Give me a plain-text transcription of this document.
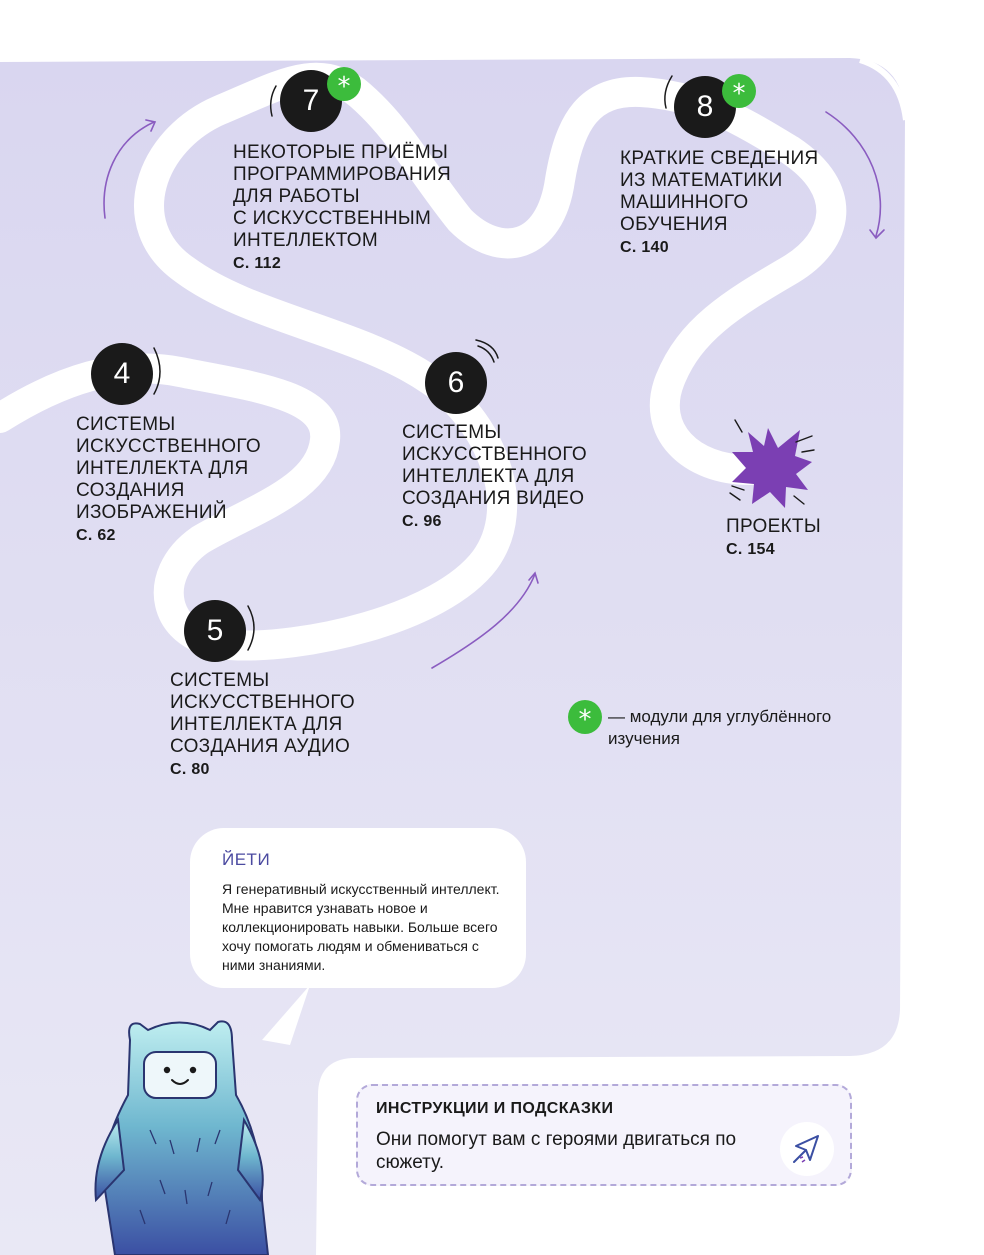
4
5
6
7	8
*	*
СИСТЕМЫ
ИСКУССТВЕННОГО
ИНТЕЛЛЕКТА ДЛЯ
СОЗДАНИЯ
ИЗОБРАЖЕНИЙ
С. 62
СИСТЕМЫ
ИСКУССТВЕННОГО
ИНТЕЛЛЕКТА ДЛЯ
СОЗДАНИЯ АУДИО
С. 80
СИСТЕМЫ
ИСКУССТВЕННОГО
ИНТЕЛЛЕКТА ДЛЯ
СОЗДАНИЯ ВИДЕО
С. 96
НЕКОТОРЫЕ ПРИЁМЫ
ПРОГРАММИРОВАНИЯ
ДЛЯ РАБОТЫ
С ИСКУССТВЕННЫМ
ИНТЕЛЛЕКТОМ
С. 112
КРАТКИЕ СВЕДЕНИЯ
ИЗ МАТЕМАТИКИ
МАШИННОГО
ОБУЧЕНИЯ
С. 140
ПРОЕКТЫ
С. 154
* — модули для углублённого изучения
ЙЕТИ
Я генеративный искусственный интеллект. Мне нравится узнавать новое и коллекционировать навыки. Больше всего хочу помогать людям и обмениваться с ними знаниями.
ИНСТРУКЦИИ И ПОДСКАЗКИ
Они помогут вам с героями двигаться по сюжету.
